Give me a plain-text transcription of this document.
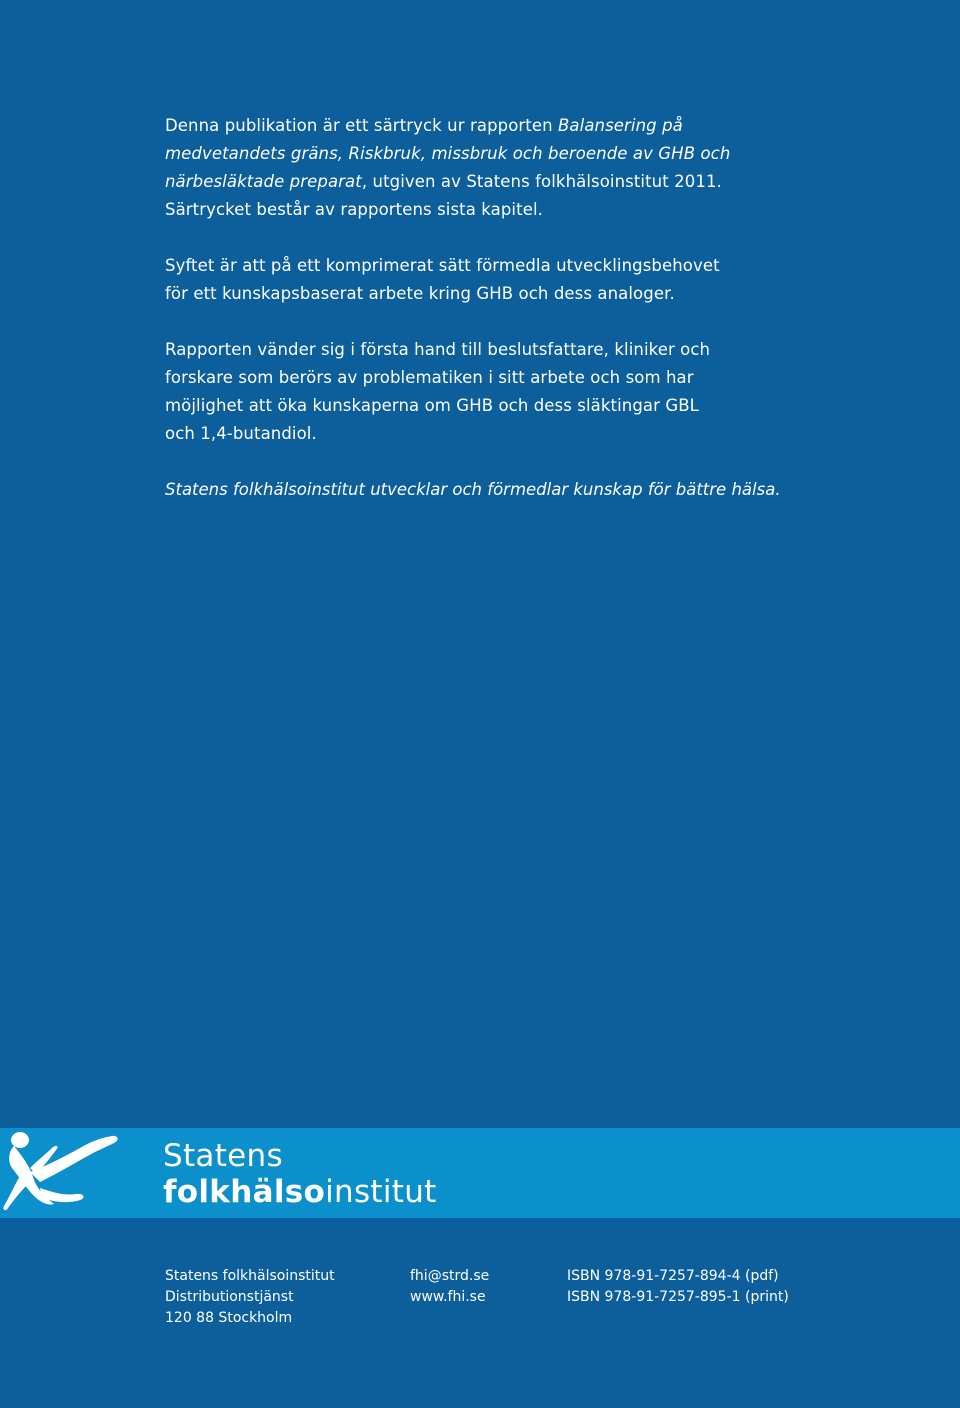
Denna publikation är ett särtryck ur rapporten Balansering på
medvetandets gräns, Riskbruk, missbruk och beroende av GHB och
närbesläktade preparat, utgiven av Statens folkhälsoinstitut 2011.
Särtrycket består av rapportens sista kapitel.

Syftet är att på ett komprimerat sätt förmedla utvecklingsbehovet
för ett kunskapsbaserat arbete kring GHB och dess analoger.

Rapporten vänder sig i första hand till beslutsfattare, kliniker och
forskare som berörs av problematiken i sitt arbete och som har
möjlighet att öka kunskaperna om GHB och dess släktingar GBL
och 1,4-butandiol.

Statens folkhälsoinstitut utvecklar och förmedlar kunskap för bättre hälsa.

Statens
folkhälsoinstitut
Statens folkhälsoinstitut
Distributionstjänst
120 88 Stockholm
fhi@strd.se
www.fhi.se
ISBN 978-91-7257-894-4 (pdf)
ISBN 978-91-7257-895-1 (print)
